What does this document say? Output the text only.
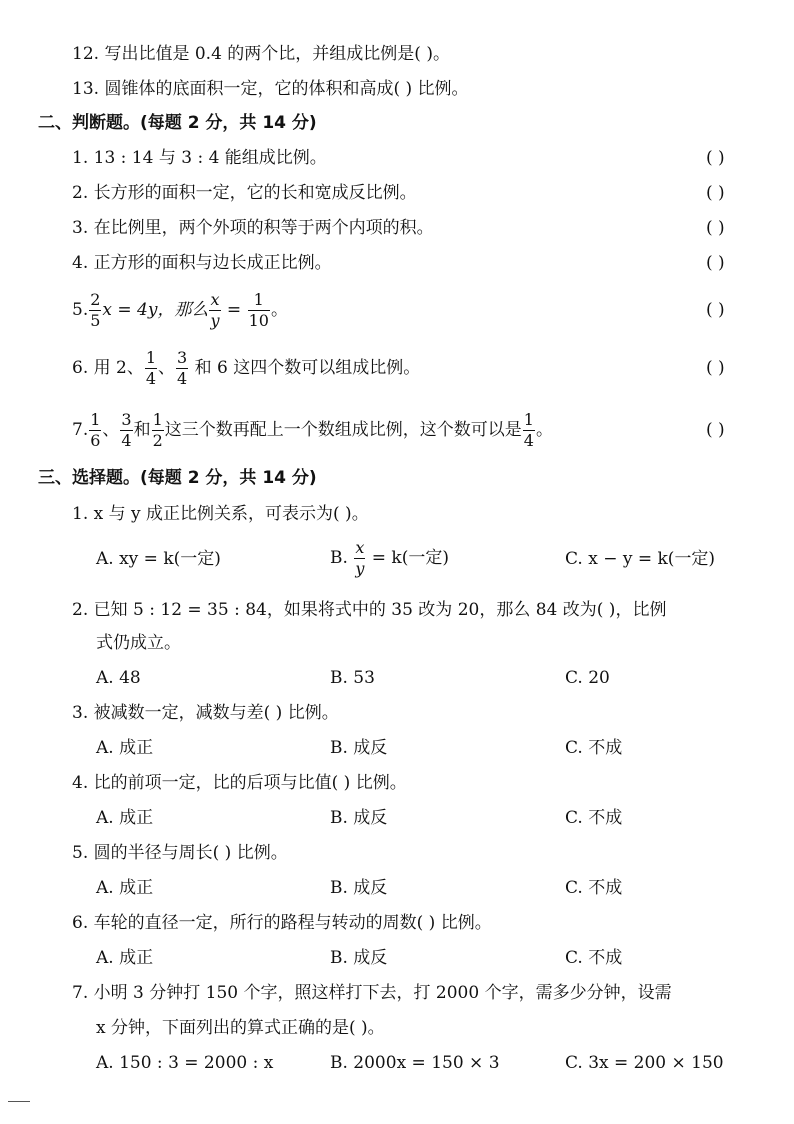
12. 写出比值是 0.4 的两个比，并组成比例是( )。
13. 圆锥体的底面积一定，它的体积和高成( ) 比例。
二、判断题。(每题 2 分，共 14 分)
1. 13 : 14 与 3 : 4 能组成比例。	( )
2. 长方形的面积一定，它的长和宽成反比例。	( )
3. 在比例里，两个外项的积等于两个内项的积。	( )
4. 正方形的面积与边长成正比例。	( )
5. $\frac{2}{5}$ x = 4y，那么 $\frac{x}{y} = \frac{1}{10}$ 。	( )
6. 用 2、 $\frac{1}{4}$ 、 $\frac{3}{4}$ 和 6 这四个数可以组成比例。	( )
7. $\frac{1}{6}$ 、 $\frac{3}{4}$ 和 $\frac{1}{2}$ 这三个数再配上一个数组成比例，这个数可以是 $\frac{1}{4}$ 。	( )
三、选择题。(每题 2 分，共 14 分)
1. x 与 y 成正比例关系，可表示为( )。
A. xy = k(一定)	B. $\frac{x}{y} = k$(一定)	C. x − y = k(一定)
2. 已知 5 : 12 = 35 : 84，如果将式中的 35 改为 20，那么 84 改为( )，比例
式仍成立。
A. 48	B. 53	C. 20
3. 被减数一定，减数与差( ) 比例。
A. 成正	B. 成反	C. 不成
4. 比的前项一定，比的后项与比值( ) 比例。
A. 成正	B. 成反	C. 不成
5. 圆的半径与周长( ) 比例。
A. 成正	B. 成反	C. 不成
6. 车轮的直径一定，所行的路程与转动的周数( ) 比例。
A. 成正	B. 成反	C. 不成
7. 小明 3 分钟打 150 个字，照这样打下去，打 2000 个字，需多少分钟，设需
x 分钟，下面列出的算式正确的是( )。
A. 150 : 3 = 2000 : x	B. 2000x = 150 × 3	C. 3x = 200 × 150
